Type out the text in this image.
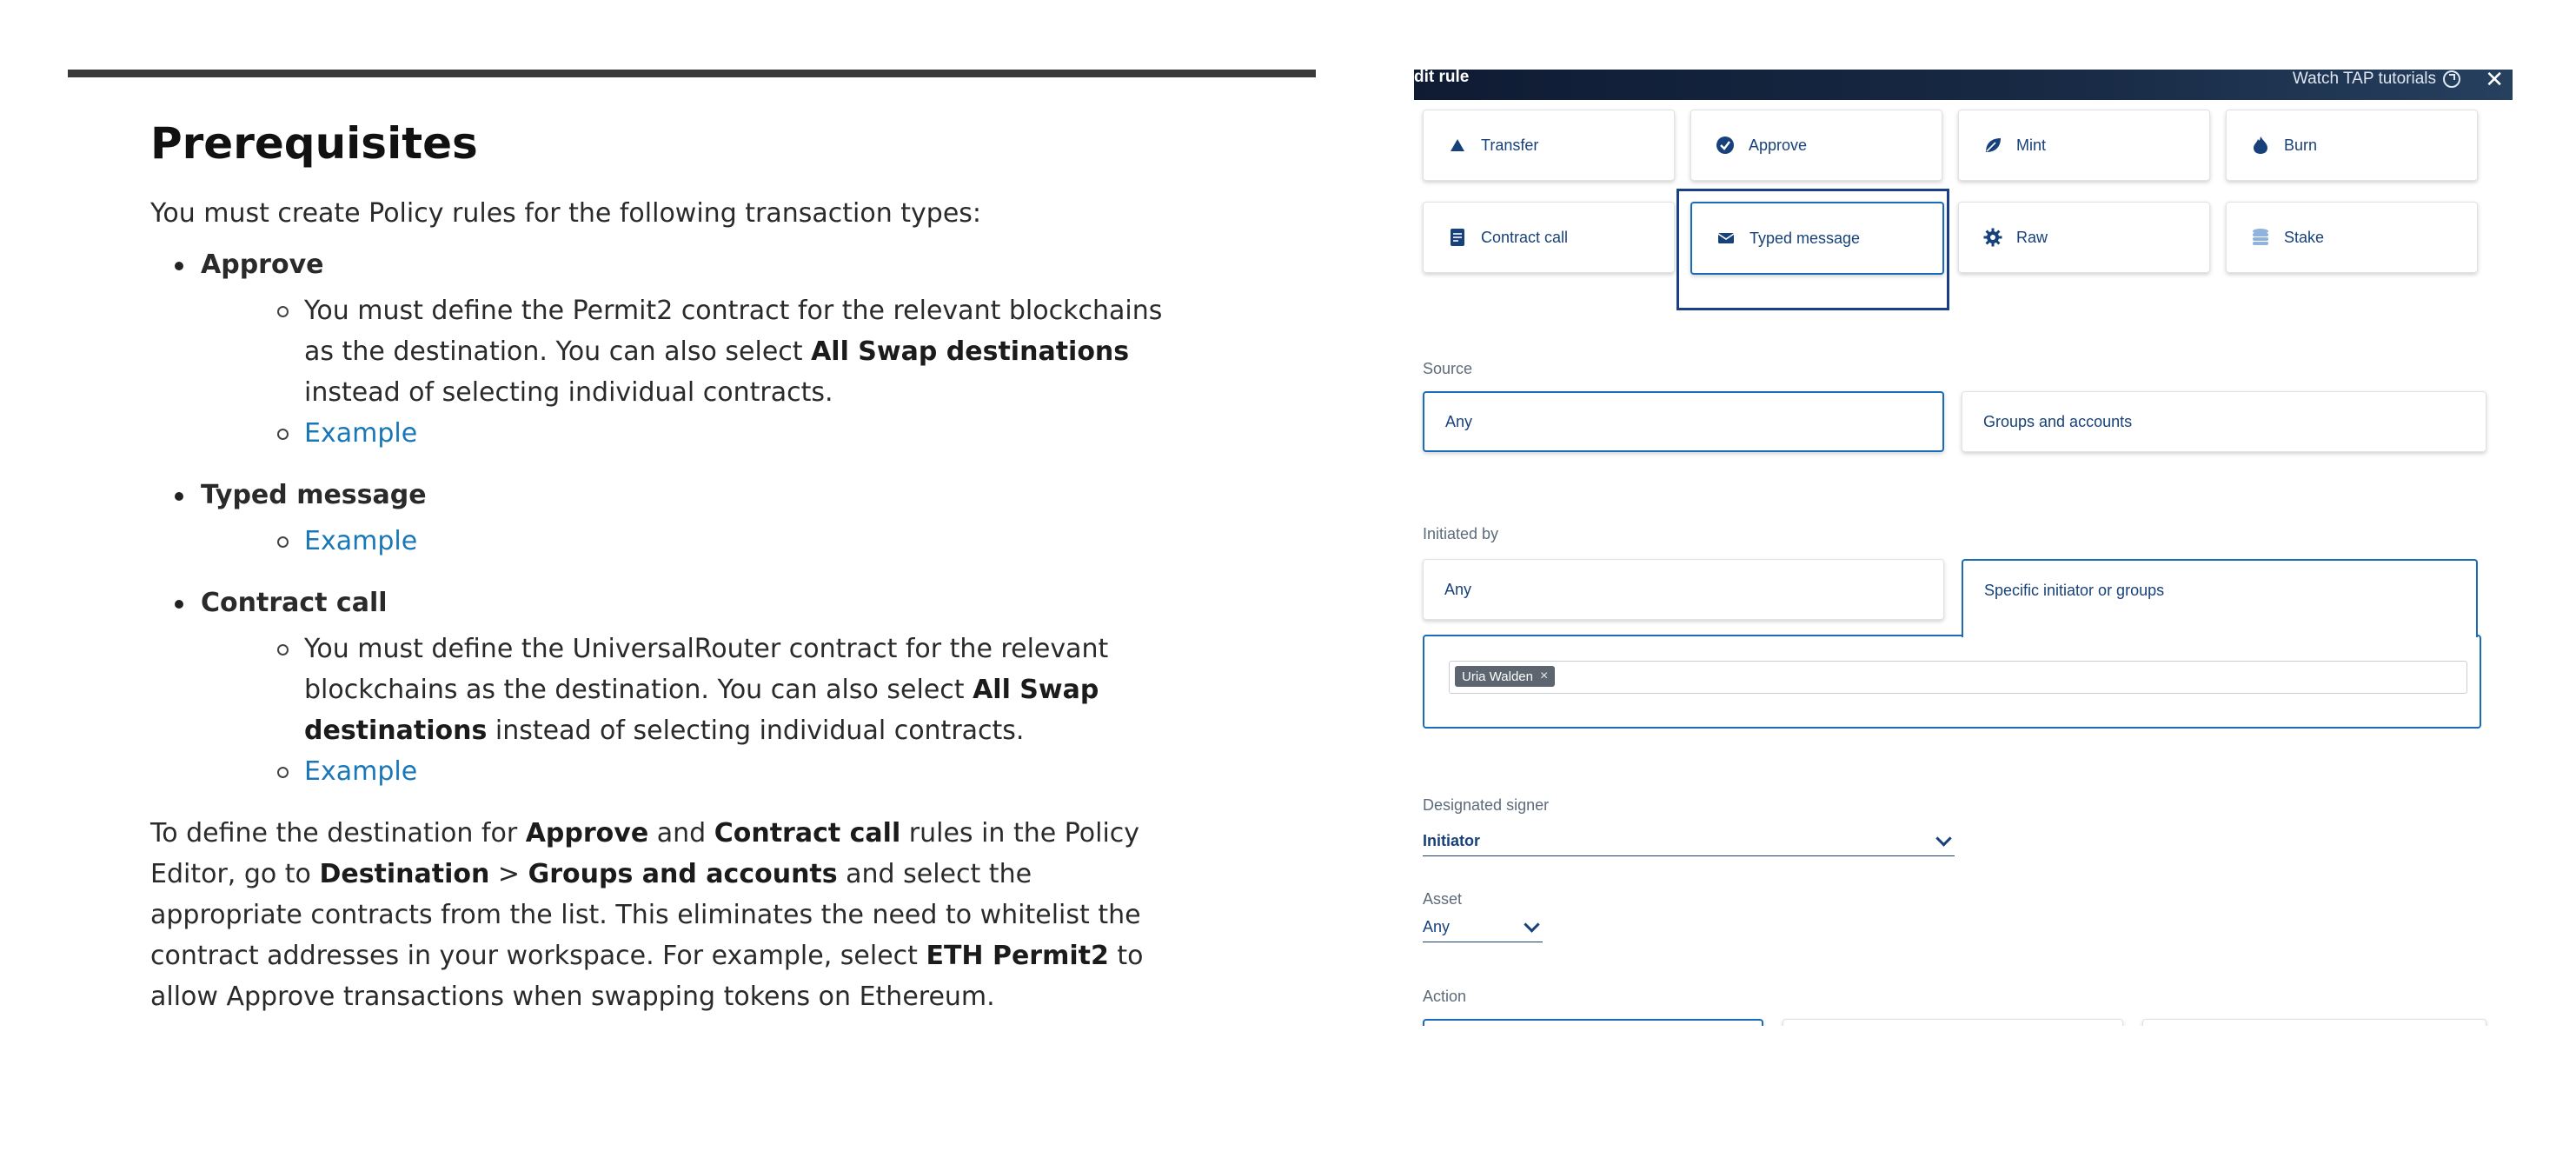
Prerequisites

You must create Policy rules for the following transaction types:

Approve
You must define the Permit2 contract for the relevant blockchains as the destination. You can also select All Swap destinations instead of selecting individual contracts.
Example
Typed message
Example
Contract call
You must define the UniversalRouter contract for the relevant blockchains as the destination. You can also select All Swap destinations instead of selecting individual contracts.
Example

To define the destination for Approve and Contract call rules in the Policy Editor, go to Destination > Groups and accounts and select the appropriate contracts from the list. This eliminates the need to whitelist the contract addresses in your workspace. For example, select ETH Permit2 to allow Approve transactions when swapping tokens on Ethereum.

dit rule	Watch TAP tutorials ✕
Transfer	Approve	Mint	Burn
Contract call	Typed message	Raw	Stake
Source
Any	Groups and accounts
Initiated by
Any
Uria Walden ×
Specific initiator or groups
Designated signer
Initiator
Asset
Any
Action
